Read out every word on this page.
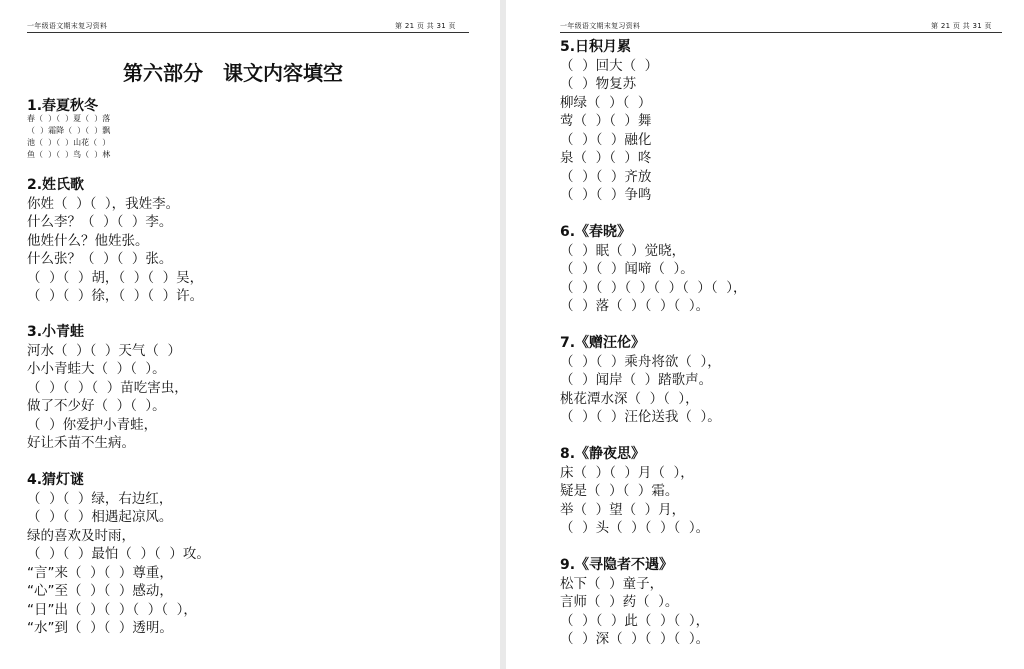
一年级语文期末复习资料	第 21 页 共 31 页
第六部分　课文内容填空
1.春夏秋冬
春（  ）（  ）夏（  ）落
（  ）霜降（  ）（  ）飘
池（  ）（  ）山花（  ）
鱼（  ）（  ）鸟（  ）林
2.姓氏歌
你姓（  ）（  ），我姓李。
什么李？（  ）（  ）李。
他姓什么？他姓张。
什么张？（  ）（  ）张。
（  ）（  ）胡，（  ）（  ）吴，
（  ）（  ）徐，（  ）（  ）许。
3.小青蛙
河水（  ）（  ）天气（  ）
小小青蛙大（  ）（  ）。
（  ）（  ）（  ）苗吃害虫，
做了不少好（  ）（  ）。
（  ）你爱护小青蛙，
好让禾苗不生病。
4.猜灯谜
（  ）（  ）绿，右边红，
（  ）（  ）相遇起凉风。
绿的喜欢及时雨，
（  ）（  ）最怕（  ）（  ）攻。
“言”来（  ）（  ）尊重，
“心”至（  ）（  ）感动，
“日”出（  ）（  ）（  ）（  ），
“水”到（  ）（  ）透明。
一年级语文期末复习资料	第 21 页 共 31 页
5.日积月累
（  ）回大（  ）
（  ）物复苏
柳绿（  ）（  ）
莺（  ）（  ）舞
（  ）（  ）融化
泉（  ）（  ）咚
（  ）（  ）齐放
（  ）（  ）争鸣
6.《春晓》
（  ）眠（  ）觉晓，
（  ）（  ）闻啼（  ）。
（  ）（  ）（  ）（  ）（  ）（  ），
（  ）落（  ）（  ）（  ）。
7.《赠汪伦》
（  ）（  ）乘舟将欲（  ），
（  ）闻岸（  ）踏歌声。
桃花潭水深（  ）（  ），
（  ）（  ）汪伦送我（  ）。
8.《静夜思》
床（  ）（  ）月（  ），
疑是（  ）（  ）霜。
举（  ）望（  ）月，
（  ）头（  ）（  ）（  ）。
9.《寻隐者不遇》
松下（  ）童子，
言师（  ）药（  ）。
（  ）（  ）此（  ）（  ），
（  ）深（  ）（  ）（  ）。
